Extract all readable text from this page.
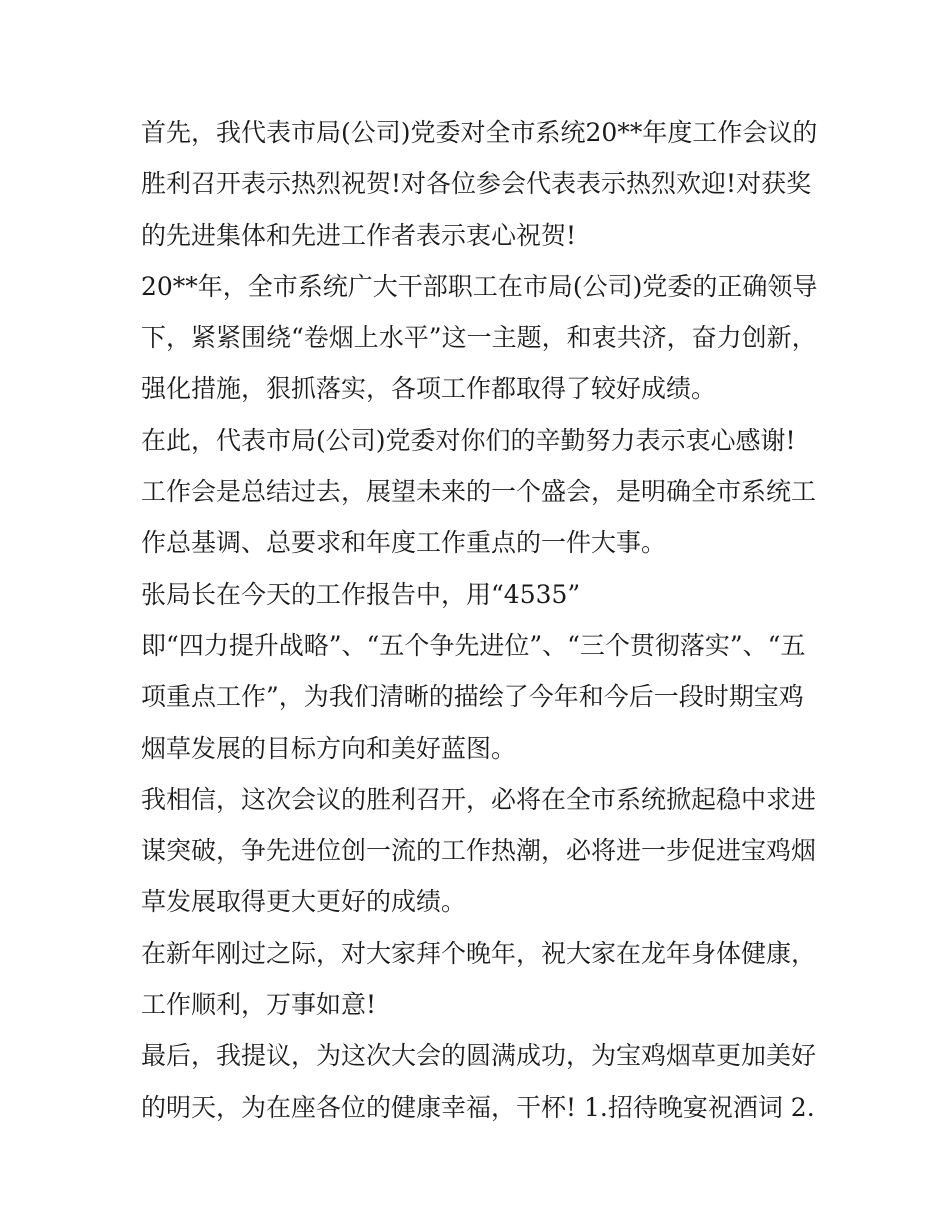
首先，我代表市局(公司)党委对全市系统20**年度工作会议的
胜利召开表示热烈祝贺!对各位参会代表表示热烈欢迎!对获奖
的先进集体和先进工作者表示衷心祝贺!
20**年，全市系统广大干部职工在市局(公司)党委的正确领导
下，紧紧围绕“卷烟上水平”这一主题，和衷共济，奋力创新，
强化措施，狠抓落实，各项工作都取得了较好成绩。
在此，代表市局(公司)党委对你们的辛勤努力表示衷心感谢!
工作会是总结过去，展望未来的一个盛会，是明确全市系统工
作总基调、总要求和年度工作重点的一件大事。
张局长在今天的工作报告中，用“4535”
即“四力提升战略”、“五个争先进位”、“三个贯彻落实”、“五
项重点工作”，为我们清晰的描绘了今年和今后一段时期宝鸡
烟草发展的目标方向和美好蓝图。
我相信，这次会议的胜利召开，必将在全市系统掀起稳中求进
谋突破，争先进位创一流的工作热潮，必将进一步促进宝鸡烟
草发展取得更大更好的成绩。
在新年刚过之际，对大家拜个晚年，祝大家在龙年身体健康，
工作顺利，万事如意!
最后，我提议，为这次大会的圆满成功，为宝鸡烟草更加美好
的明天，为在座各位的健康幸福，干杯! 1.招待晚宴祝酒词 2.
